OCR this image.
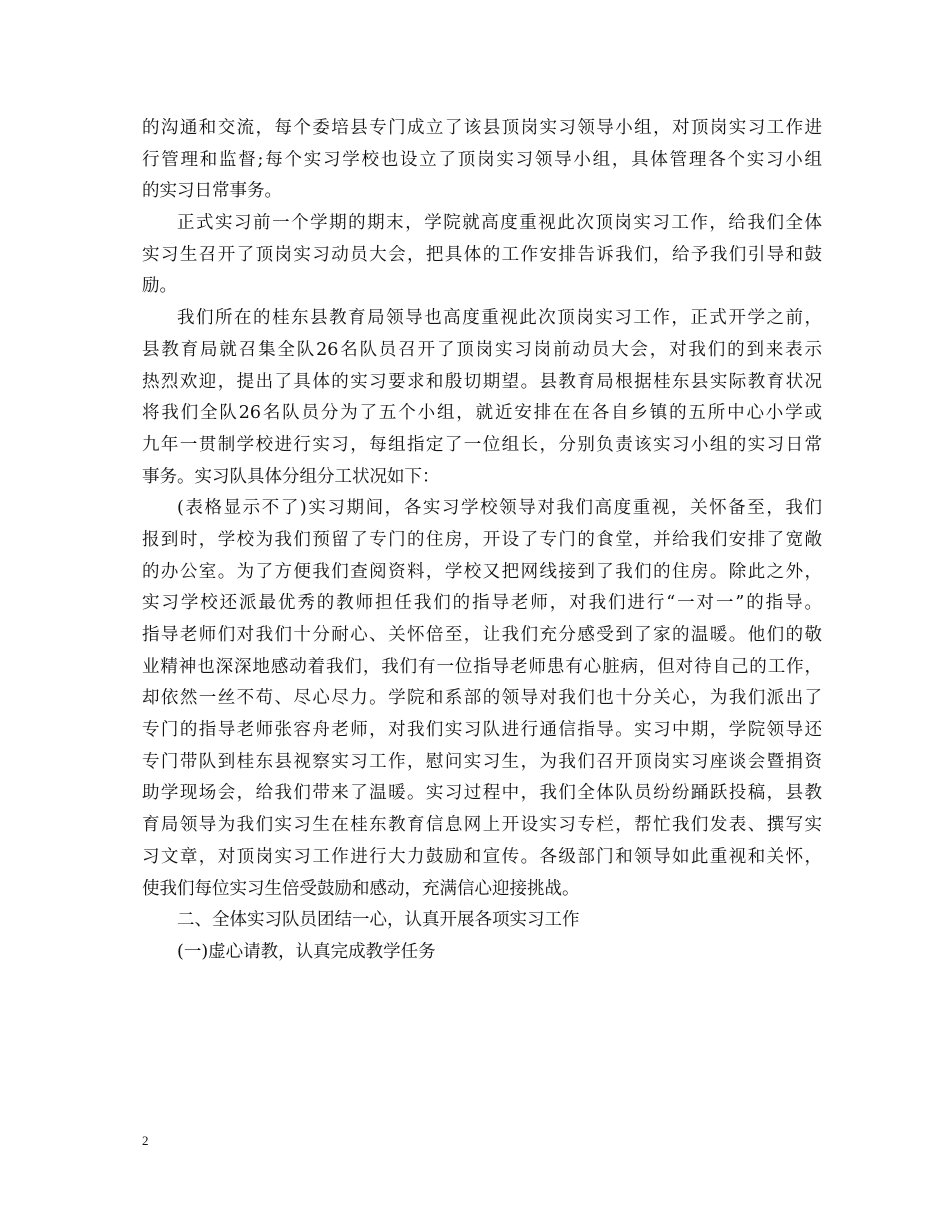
的沟通和交流，每个委培县专门成立了该县顶岗实习领导小组，对顶岗实习工作进
行管理和监督;每个实习学校也设立了顶岗实习领导小组，具体管理各个实习小组
的实习日常事务。
正式实习前一个学期的期末，学院就高度重视此次顶岗实习工作，给我们全体
实习生召开了顶岗实习动员大会，把具体的工作安排告诉我们，给予我们引导和鼓
励。
我们所在的桂东县教育局领导也高度重视此次顶岗实习工作，正式开学之前，
县教育局就召集全队26名队员召开了顶岗实习岗前动员大会，对我们的到来表示
热烈欢迎，提出了具体的实习要求和殷切期望。县教育局根据桂东县实际教育状况
将我们全队26名队员分为了五个小组，就近安排在在各自乡镇的五所中心小学或
九年一贯制学校进行实习，每组指定了一位组长，分别负责该实习小组的实习日常
事务。实习队具体分组分工状况如下：
(表格显示不了)实习期间，各实习学校领导对我们高度重视，关怀备至，我们
报到时，学校为我们预留了专门的住房，开设了专门的食堂，并给我们安排了宽敞
的办公室。为了方便我们查阅资料，学校又把网线接到了我们的住房。除此之外，
实习学校还派最优秀的教师担任我们的指导老师，对我们进行“一对一”的指导。
指导老师们对我们十分耐心、关怀倍至，让我们充分感受到了家的温暖。他们的敬
业精神也深深地感动着我们，我们有一位指导老师患有心脏病，但对待自己的工作，
却依然一丝不苟、尽心尽力。学院和系部的领导对我们也十分关心，为我们派出了
专门的指导老师张容舟老师，对我们实习队进行通信指导。实习中期，学院领导还
专门带队到桂东县视察实习工作，慰问实习生，为我们召开顶岗实习座谈会暨捐资
助学现场会，给我们带来了温暖。实习过程中，我们全体队员纷纷踊跃投稿，县教
育局领导为我们实习生在桂东教育信息网上开设实习专栏，帮忙我们发表、撰写实
习文章，对顶岗实习工作进行大力鼓励和宣传。各级部门和领导如此重视和关怀，
使我们每位实习生倍受鼓励和感动，充满信心迎接挑战。
二、全体实习队员团结一心，认真开展各项实习工作
(一)虚心请教，认真完成教学任务
2
